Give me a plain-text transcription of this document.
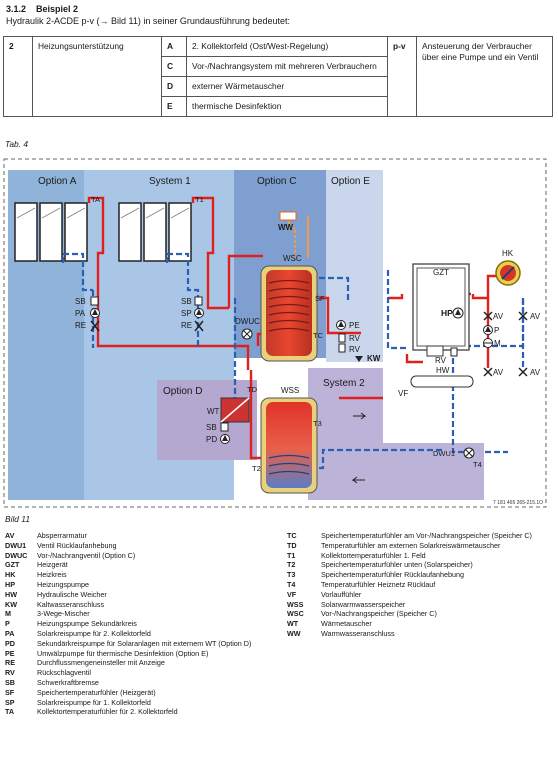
3.1.2 Beispiel 2
Hydraulik 2-ACDE p-v (→ Bild 11) in seiner Grundausführung bedeutet:
2	Heizungsunterstützung	A	2. Kollektorfeld (Ost/West-Regelung)	p-v	Ansteuerung der Verbraucher über eine Pumpe und ein Ventil
		C	Vor-/Nachrangsystem mit mehreren Verbrauchern		
		D	externer Wärmetauscher		
		E	thermische Desinfektion		
Tab. 4
Option A	System 1	Option C	Option E
Option D
System 2
WW
WSC
SF
TC
WSS
T3
T2
WT
TD
SB
PD
SB
PA
RE
SB
SP
RE	DWUC	PE
RV
RV
KW
GZT
HP
RV
HK
AV
P
M
AV
AV
AV
HW
VF
DWU1
T4
TA	T1
7 181 465 265-215.1O
Bild 11
AV	Absperrarmatur
DWU1	Ventil Rücklaufanhebung
DWUC	Vor-/Nachrangventil (Option C)
GZT	Heizgerät
HK	Heizkreis
HP	Heizungspumpe
HW	Hydraulische Weicher
KW	Kaltwasseranschluss
M	3-Wege-Mischer
P	Heizungspumpe Sekundärkreis
PA	Solarkreispumpe für 2. Kollektorfeld
PD	Sekundärkreispumpe für Solaranlagen mit externem WT (Option D)
PE	Umwälzpumpe für thermische Desinfektion (Option E)
RE	Durchflussmengeneinsteller mit Anzeige
RV	Rückschlagventil
SB	Schwerkraftbremse
SF	Speichertemperaturfühler (Heizgerät)
SP	Solarkreispumpe für 1. Kollektorfeld
TA	Kollektortemperaturfühler für 2. Kollektorfeld
TC	Speichertemperaturfühler am Vor-/Nachrangspeicher (Speicher C)
TD	Temperaturfühler am externen Solarkreiswärmetauscher
T1	Kollektortemperaturfühler 1. Feld
T2	Speichertemperaturfühler unten (Solarspeicher)
T3	Speichertemperaturfühler Rücklaufanhebung
T4	Temperaturfühler Heiznetz Rücklauf
VF	Vorlauffühler
WSS	Solarwarmwasserspeicher
WSC	Vor-/Nachrangspeicher (Speicher C)
WT	Wärmetauscher
WW	Warmwasseranschluss
